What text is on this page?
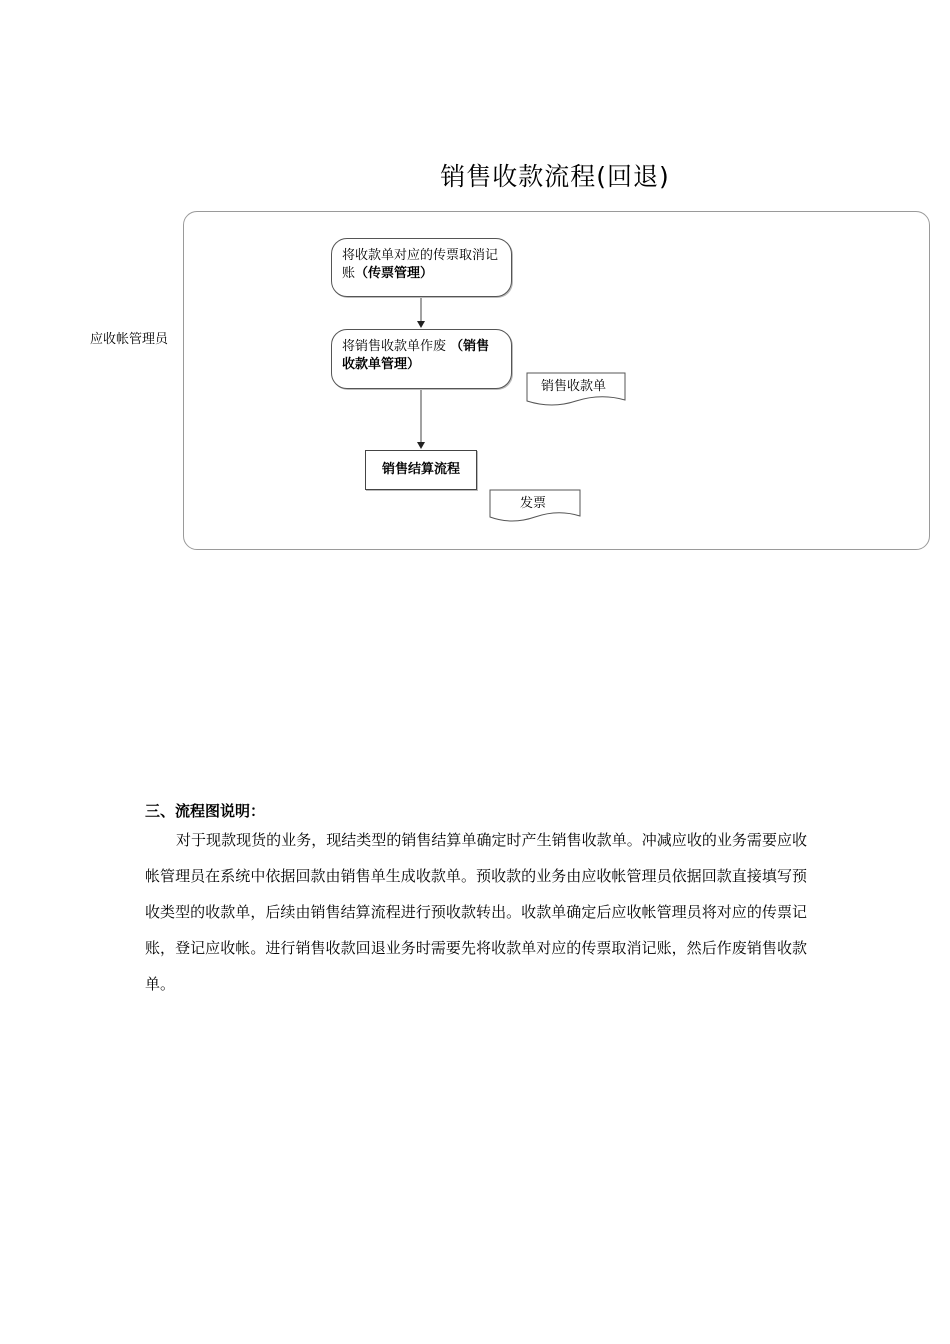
销售收款流程(回退)
应收帐管理员
将收款单对应的传票取消记账（传票管理）
将销售收款单作废 （销售收款单管理）
销售结算流程
销售收款单
发票
三、流程图说明：
对于现款现货的业务，现结类型的销售结算单确定时产生销售收款单。冲减应收的业务需要应收帐管理员在系统中依据回款由销售单生成收款单。预收款的业务由应收帐管理员依据回款直接填写预收类型的收款单，后续由销售结算流程进行预收款转出。收款单确定后应收帐管理员将对应的传票记账，登记应收帐。进行销售收款回退业务时需要先将收款单对应的传票取消记账，然后作废销售收款单。
